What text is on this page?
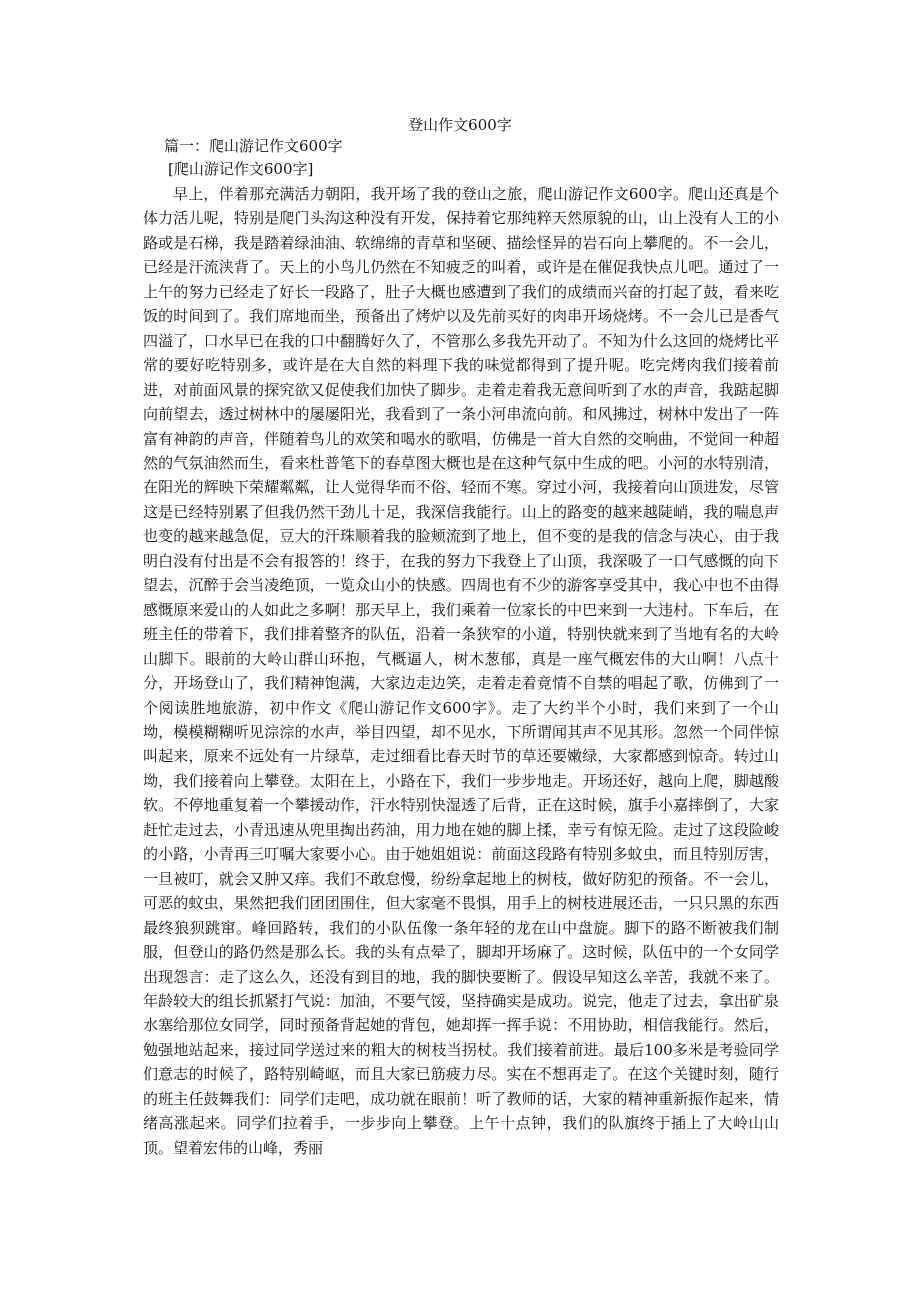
登山作文600字
篇一：爬山游记作文600字
[爬山游记作文600字]

早上，伴着那充满活力朝阳，我开场了我的登山之旅，爬山游记作文600字。爬山还真是个体力活儿呢，特别是爬门头沟这种没有开发，保持着它那纯粹天然原貌的山，山上没有人工的小路或是石梯，我是踏着绿油油、软绵绵的青草和坚硬、描绘怪异的岩石向上攀爬的。不一会儿，已经是汗流浃背了。天上的小鸟儿仍然在不知疲乏的叫着，或许是在催促我快点儿吧。通过了一上午的努力已经走了好长一段路了，肚子大概也感遭到了我们的成绩而兴奋的打起了鼓，看来吃饭的时间到了。我们席地而坐，预备出了烤炉以及先前买好的肉串开场烧烤。不一会儿已是香气四溢了，口水早已在我的口中翻腾好久了，不管那么多我先开动了。不知为什么这回的烧烤比平常的要好吃特别多，或许是在大自然的料理下我的味觉都得到了提升呢。吃完烤肉我们接着前进，对前面风景的探究欲又促使我们加快了脚步。走着走着我无意间听到了水的声音，我踮起脚向前望去，透过树林中的屡屡阳光，我看到了一条小河串流向前。和风拂过，树林中发出了一阵富有神韵的声音，伴随着鸟儿的欢笑和喝水的歌唱，仿佛是一首大自然的交响曲，不觉间一种超然的气氛油然而生，看来杜普笔下的春草图大概也是在这种气氛中生成的吧。小河的水特别清，在阳光的辉映下荣耀粼粼，让人觉得华而不俗、轻而不寒。穿过小河，我接着向山顶进发，尽管这是已经特别累了但我仍然干劲儿十足，我深信我能行。山上的路变的越来越陡峭，我的喘息声也变的越来越急促，豆大的汗珠顺着我的脸颊流到了地上，但不变的是我的信念与决心，由于我明白没有付出是不会有报答的！终于，在我的努力下我登上了山顶，我深吸了一口气感慨的向下望去，沉醉于会当凌绝顶，一览众山小的快感。四周也有不少的游客享受其中，我心中也不由得感慨原来爱山的人如此之多啊！那天早上，我们乘着一位家长的中巴来到一大违村。下车后，在班主任的带着下，我们排着整齐的队伍，沿着一条狭窄的小道，特别快就来到了当地有名的大岭山脚下。眼前的大岭山群山环抱，气概逼人，树木葱郁，真是一座气概宏伟的大山啊！八点十分，开场登山了，我们精神饱满，大家边走边笑，走着走着竟情不自禁的唱起了歌，仿佛到了一个阅读胜地旅游，初中作文《爬山游记作文600字》。走了大约半个小时，我们来到了一个山坳，模模糊糊听见淙淙的水声，举目四望，却不见水，下所谓闻其声不见其形。忽然一个同伴惊叫起来，原来不远处有一片绿草，走过细看比春天时节的草还要嫩绿，大家都感到惊奇。转过山坳，我们接着向上攀登。太阳在上，小路在下，我们一步步地走。开场还好，越向上爬，脚越酸软。不停地重复着一个攀援动作，汗水特别快湿透了后背，正在这时候，旗手小嘉摔倒了，大家赶忙走过去，小青迅速从兜里掏出药油，用力地在她的脚上揉，幸亏有惊无险。走过了这段险峻的小路，小青再三叮嘱大家要小心。由于她姐姐说：前面这段路有特别多蚊虫，而且特别厉害，一旦被叮，就会又肿又痒。我们不敢怠慢，纷纷拿起地上的树枝，做好防犯的预备。不一会儿，可恶的蚊虫，果然把我们团团围住，但大家毫不畏惧，用手上的树枝进展还击，一只只黑的东西最终狼狈跳窜。峰回路转，我们的小队伍像一条年轻的龙在山中盘旋。脚下的路不断被我们制服，但登山的路仍然是那么长。我的头有点晕了，脚却开场麻了。这时候，队伍中的一个女同学出现怨言：走了这么久，还没有到目的地，我的脚快要断了。假设早知这么辛苦，我就不来了。年龄较大的组长抓紧打气说：加油，不要气馁，坚持确实是成功。说完，他走了过去，拿出矿泉水塞给那位女同学，同时预备背起她的背包，她却挥一挥手说：不用协助，相信我能行。然后，勉强地站起来，接过同学送过来的粗大的树枝当拐杖。我们接着前进。最后100多米是考验同学们意志的时候了，路特别崎岖，而且大家已筋疲力尽。实在不想再走了。在这个关键时刻，随行的班主任鼓舞我们：同学们走吧，成功就在眼前！听了教师的话，大家的精神重新振作起来，情绪高涨起来。同学们拉着手，一步步向上攀登。上午十点钟，我们的队旗终于插上了大岭山山顶。望着宏伟的山峰，秀丽
